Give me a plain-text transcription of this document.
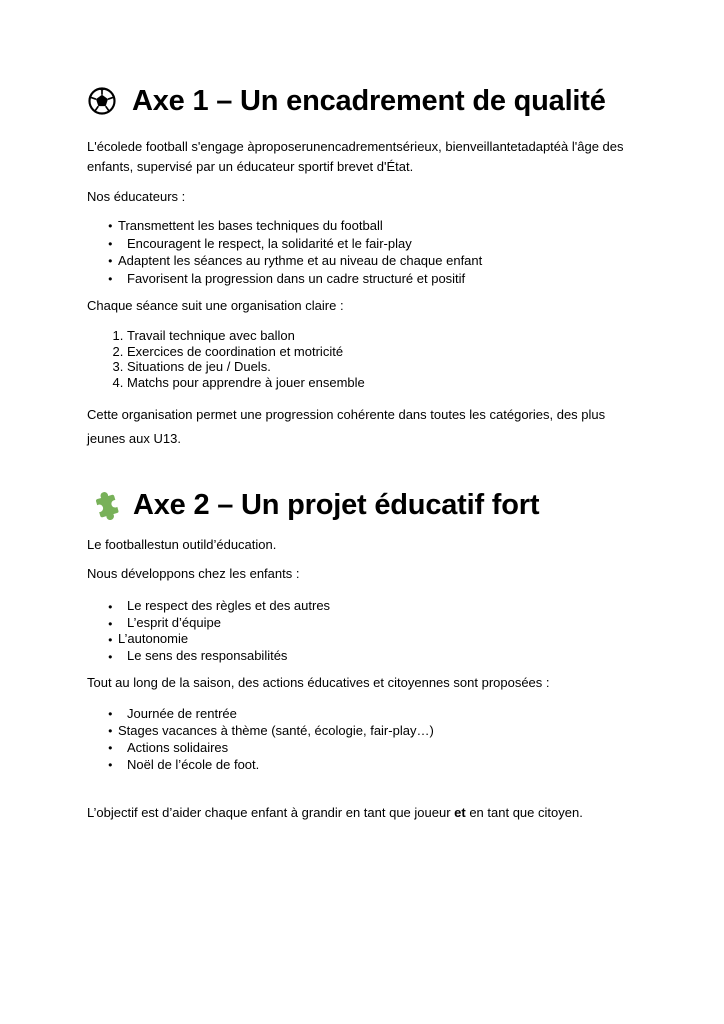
Axe 1 – Un encadrement de qualité

L'écolede football s'engage àproposerunencadrementsérieux, bienveillantetadaptéà l'âge des enfants, supervisé par un éducateur sportif brevet d'État.

Nos éducateurs :

● Transmettent les bases techniques du football
● Encouragent le respect, la solidarité et le fair-play
● Adaptent les séances au rythme et au niveau de chaque enfant
● Favorisent la progression dans un cadre structuré et positif

Chaque séance suit une organisation claire :

1. Travail technique avec ballon
2. Exercices de coordination et motricité
3. Situations de jeu / Duels.
4. Matchs pour apprendre à jouer ensemble

Cette organisation permet une progression cohérente dans toutes les catégories, des plus jeunes aux U13.

Axe 2 – Un projet éducatif fort

Le footballestun outild’éducation.

Nous développons chez les enfants :

● Le respect des règles et des autres
● L’esprit d’équipe
● L’autonomie
● Le sens des responsabilités

Tout au long de la saison, des actions éducatives et citoyennes sont proposées :

● Journée de rentrée
● Stages vacances à thème (santé, écologie, fair-play…)
● Actions solidaires
● Noël de l’école de foot.

L’objectif est d’aider chaque enfant à grandir en tant que joueur et en tant que citoyen.
